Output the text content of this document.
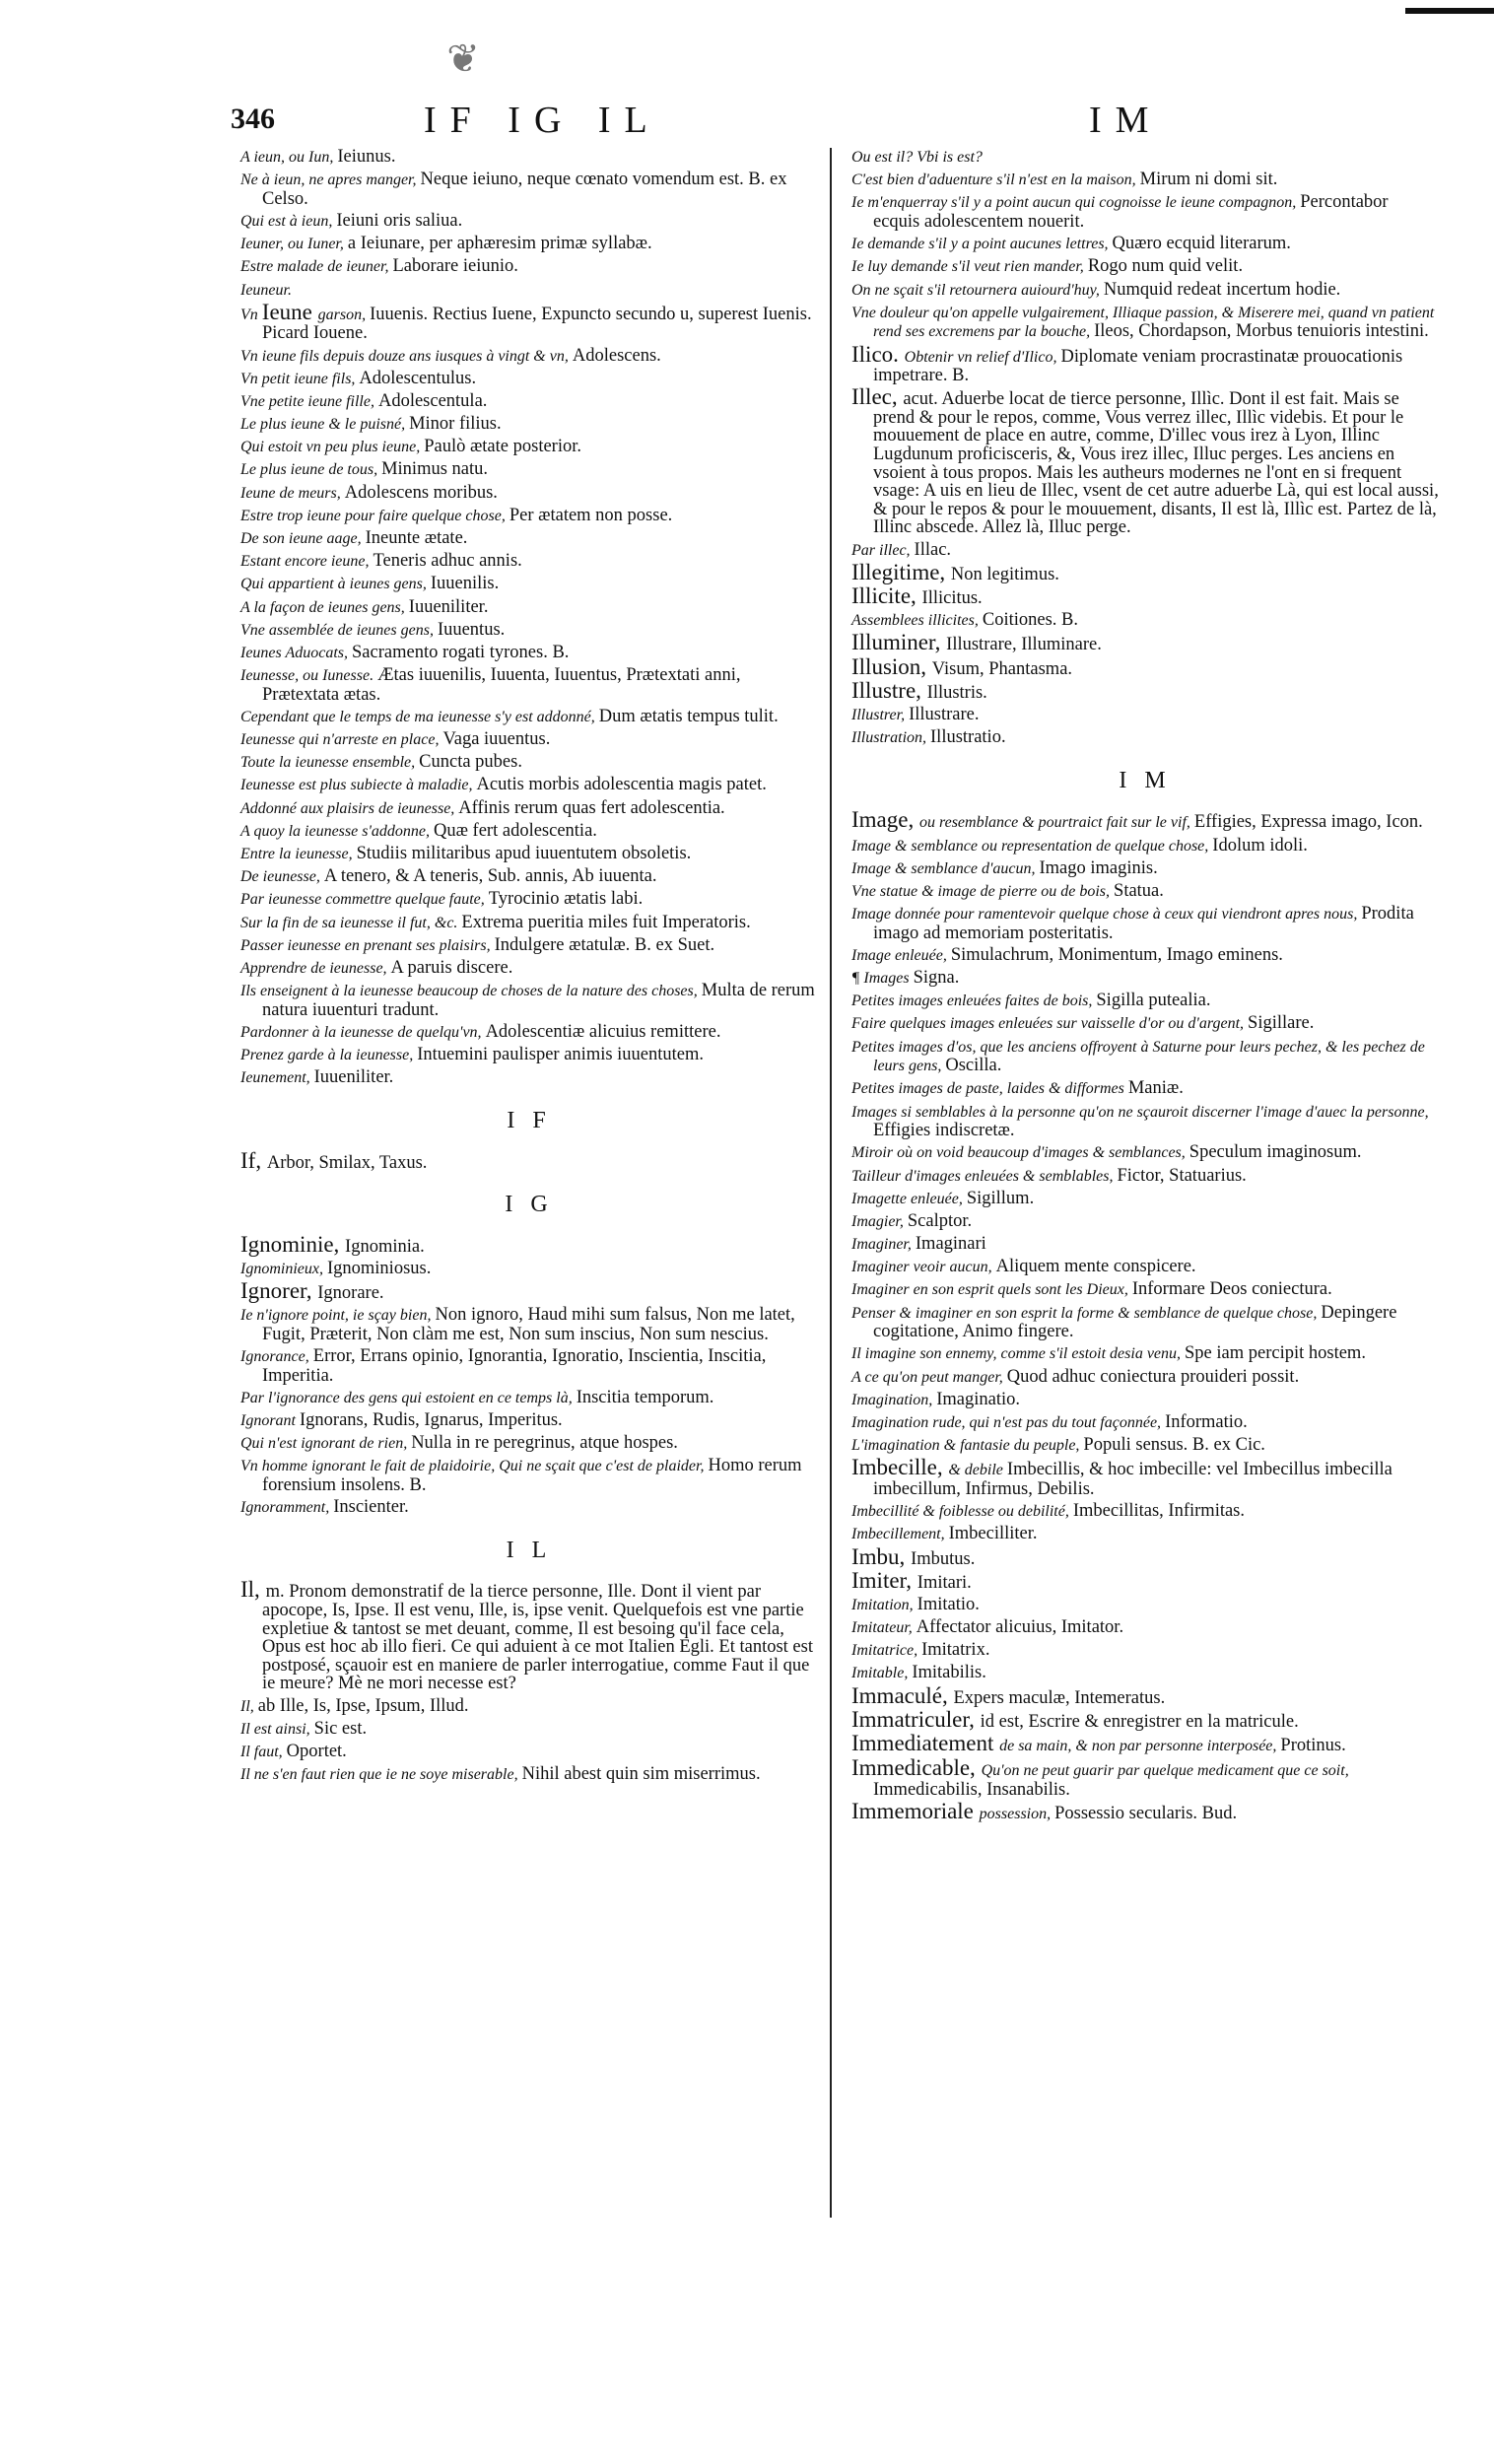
❦
346	IF IG IL	IM
A ieun, ou Iun, Ieiunus.
Ne à ieun, ne apres manger, Neque ieiuno, neque cœnato vomendum est. B. ex Celso.
Qui est à ieun, Ieiuni oris saliua.
Ieuner, ou Iuner, a Ieiunare, per aphæresim primæ syllabæ.
Estre malade de ieuner, Laborare ieiunio.
Ieuneur.
Vn Ieune garson, Iuuenis. Rectius Iuene, Expuncto secundo u, superest Iuenis. Picard Iouene.
Vn ieune fils depuis douze ans iusques à vingt & vn, Adolescens.
Vn petit ieune fils, Adolescentulus.
Vne petite ieune fille, Adolescentula.
Le plus ieune & le puisné, Minor filius.
Qui estoit vn peu plus ieune, Paulò ætate posterior.
Le plus ieune de tous, Minimus natu.
Ieune de meurs, Adolescens moribus.
Estre trop ieune pour faire quelque chose, Per ætatem non posse.
De son ieune aage, Ineunte ætate.
Estant encore ieune, Teneris adhuc annis.
Qui appartient à ieunes gens, Iuuenilis.
A la façon de ieunes gens, Iuueniliter.
Vne assemblée de ieunes gens, Iuuentus.
Ieunes Aduocats, Sacramento rogati tyrones. B.
Ieunesse, ou Iunesse. Ætas iuuenilis, Iuuenta, Iuuentus, Prætextati anni, Prætextata ætas.
Cependant que le temps de ma ieunesse s'y est addonné, Dum ætatis tempus tulit.
Ieunesse qui n'arreste en place, Vaga iuuentus.
Toute la ieunesse ensemble, Cuncta pubes.
Ieunesse est plus subiecte à maladie, Acutis morbis adolescentia magis patet.
Addonné aux plaisirs de ieunesse, Affinis rerum quas fert adolescentia.
A quoy la ieunesse s'addonne, Quæ fert adolescentia.
Entre la ieunesse, Studiis militaribus apud iuuentutem obsoletis.
De ieunesse, A tenero, & A teneris, Sub. annis, Ab iuuenta.
Par ieunesse commettre quelque faute, Tyrocinio ætatis labi.
Sur la fin de sa ieunesse il fut, &c. Extrema pueritia miles fuit Imperatoris.
Passer ieunesse en prenant ses plaisirs, Indulgere ætatulæ. B. ex Suet.
Apprendre de ieunesse, A paruis discere.
Ils enseignent à la ieunesse beaucoup de choses de la nature des choses, Multa de rerum natura iuuenturi tradunt.
Pardonner à la ieunesse de quelqu'vn, Adolescentiæ alicuius remittere.
Prenez garde à la ieunesse, Intuemini paulisper animis iuuentutem.
Ieunement, Iuueniliter.
I F
If, Arbor, Smilax, Taxus.
I G
Ignominie, Ignominia.
Ignominieux, Ignominiosus.
Ignorer, Ignorare.
Ie n'ignore point, ie sçay bien, Non ignoro, Haud mihi sum falsus, Non me latet, Fugit, Præterit, Non clàm me est, Non sum inscius, Non sum nescius.
Ignorance, Error, Errans opinio, Ignorantia, Ignoratio, Inscientia, Inscitia, Imperitia.
Par l'ignorance des gens qui estoient en ce temps là, Inscitia temporum.
Ignorant Ignorans, Rudis, Ignarus, Imperitus.
Qui n'est ignorant de rien, Nulla in re peregrinus, atque hospes.
Vn homme ignorant le fait de plaidoirie, Qui ne sçait que c'est de plaider, Homo rerum forensium insolens. B.
Ignoramment, Inscienter.
I L
Il, m. Pronom demonstratif de la tierce personne, Ille. Dont il vient par apocope, Is, Ipse. Il est venu, Ille, is, ipse venit. Quelquefois est vne partie expletiue & tantost se met deuant, comme, Il est besoing qu'il face cela, Opus est hoc ab illo fieri. Ce qui aduient à ce mot Italien Egli. Et tantost est postposé, sçauoir est en maniere de parler interrogatiue, comme Faut il que ie meure? Mè ne mori necesse est?
Il, ab Ille, Is, Ipse, Ipsum, Illud.
Il est ainsi, Sic est.
Il faut, Oportet.
Il ne s'en faut rien que ie ne soye miserable, Nihil abest quin sim miserrimus.
Ou est il? Vbi is est?
C'est bien d'aduenture s'il n'est en la maison, Mirum ni domi sit.
Ie m'enquerray s'il y a point aucun qui cognoisse le ieune compagnon, Percontabor ecquis adolescentem nouerit.
Ie demande s'il y a point aucunes lettres, Quæro ecquid literarum.
Ie luy demande s'il veut rien mander, Rogo num quid velit.
On ne sçait s'il retournera auiourd'huy, Numquid redeat incertum hodie.
Vne douleur qu'on appelle vulgairement, Illiaque passion, & Miserere mei, quand vn patient rend ses excremens par la bouche, Ileos, Chordapson, Morbus tenuioris intestini.
Ilico. Obtenir vn relief d'Ilico, Diplomate veniam procrastinatæ prouocationis impetrare. B.
Illec, acut. Aduerbe locat de tierce personne, Illìc. Dont il est fait. Mais se prend & pour le repos, comme, Vous verrez illec, Illìc videbis. Et pour le mouuement de place en autre, comme, D'illec vous irez à Lyon, Illinc Lugdunum proficisceris, &, Vous irez illec, Illuc perges. Les anciens en vsoient à tous propos. Mais les autheurs modernes ne l'ont en si frequent vsage: A uis en lieu de Illec, vsent de cet autre aduerbe Là, qui est local aussi, & pour le repos & pour le mouuement, disants, Il est là, Illìc est. Partez de là, Illinc abscede. Allez là, Illuc perge.
Par illec, Illac.
Illegitime, Non legitimus.
Illicite, Illicitus.
Assemblees illicites, Coitiones. B.
Illuminer, Illustrare, Illuminare.
Illusion, Visum, Phantasma.
Illustre, Illustris.
Illustrer, Illustrare.
Illustration, Illustratio.
I M
Image, ou resemblance & pourtraict fait sur le vif, Effigies, Expressa imago, Icon.
Image & semblance ou representation de quelque chose, Idolum idoli.
Image & semblance d'aucun, Imago imaginis.
Vne statue & image de pierre ou de bois, Statua.
Image donnée pour ramentevoir quelque chose à ceux qui viendront apres nous, Prodita imago ad memoriam posteritatis.
Image enleuée, Simulachrum, Monimentum, Imago eminens.
¶ Images Signa.
Petites images enleuées faites de bois, Sigilla putealia.
Faire quelques images enleuées sur vaisselle d'or ou d'argent, Sigillare.
Petites images d'os, que les anciens offroyent à Saturne pour leurs pechez, & les pechez de leurs gens, Oscilla.
Petites images de paste, laides & difformes Maniæ.
Images si semblables à la personne qu'on ne sçauroit discerner l'image d'auec la personne, Effigies indiscretæ.
Miroir où on void beaucoup d'images & semblances, Speculum imaginosum.
Tailleur d'images enleuées & semblables, Fictor, Statuarius.
Imagette enleuée, Sigillum.
Imagier, Scalptor.
Imaginer, Imaginari
Imaginer veoir aucun, Aliquem mente conspicere.
Imaginer en son esprit quels sont les Dieux, Informare Deos coniectura.
Penser & imaginer en son esprit la forme & semblance de quelque chose, Depingere cogitatione, Animo fingere.
Il imagine son ennemy, comme s'il estoit desia venu, Spe iam percipit hostem.
A ce qu'on peut manger, Quod adhuc coniectura prouideri possit.
Imagination, Imaginatio.
Imagination rude, qui n'est pas du tout façonnée, Informatio.
L'imagination & fantasie du peuple, Populi sensus. B. ex Cic.
Imbecille, & debile Imbecillis, & hoc imbecille: vel Imbecillus imbecilla imbecillum, Infirmus, Debilis.
Imbecillité & foiblesse ou debilité, Imbecillitas, Infirmitas.
Imbecillement, Imbecilliter.
Imbu, Imbutus.
Imiter, Imitari.
Imitation, Imitatio.
Imitateur, Affectator alicuius, Imitator.
Imitatrice, Imitatrix.
Imitable, Imitabilis.
Immaculé, Expers maculæ, Intemeratus.
Immatriculer, id est, Escrire & enregistrer en la matricule.
Immediatement de sa main, & non par personne interposée, Protinus.
Immedicable, Qu'on ne peut guarir par quelque medicament que ce soit, Immedicabilis, Insanabilis.
Immemoriale possession, Possessio secularis. Bud.
